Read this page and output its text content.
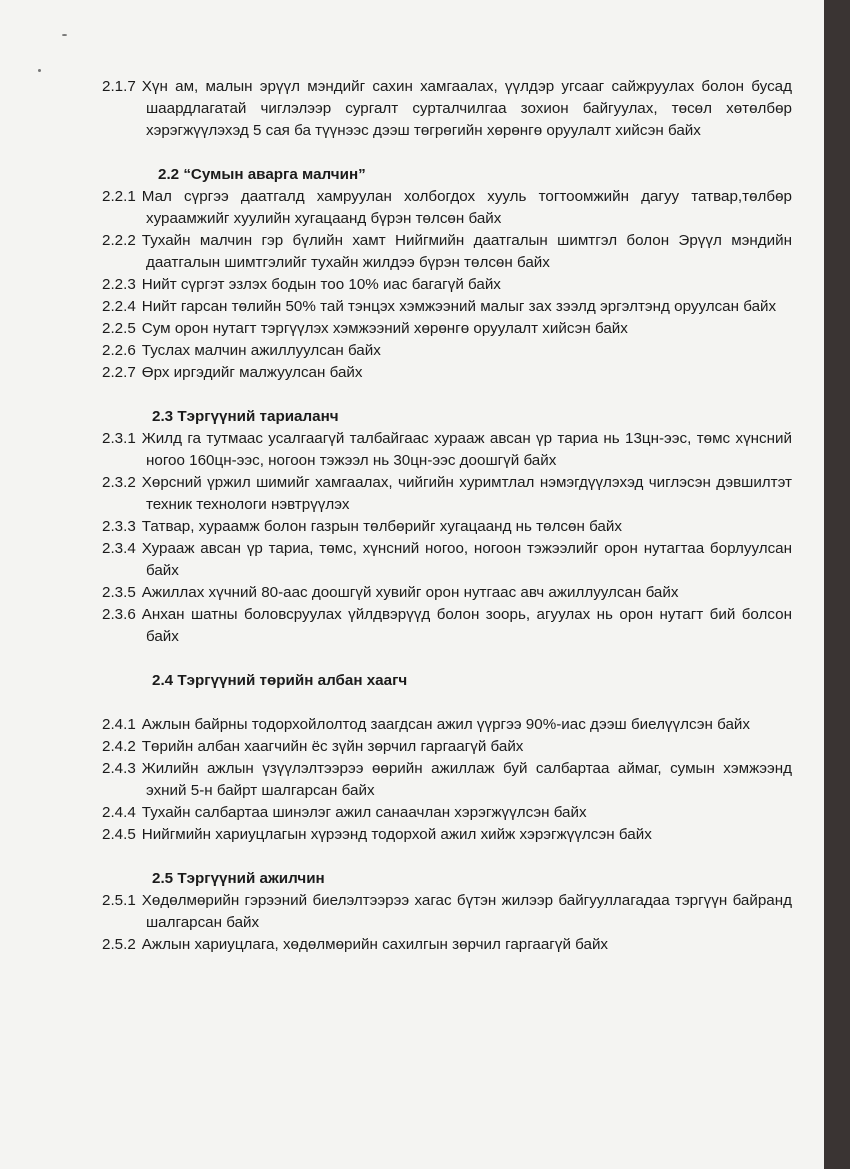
2.1.7 Хүн ам, малын эрүүл мэндийг сахин хамгаалах, үүлдэр угсааг сайжруулах болон бусад шаардлагатай чиглэлээр сургалт сурталчилгаа зохион байгуулах, төсөл хөтөлбөр хэрэгжүүлэхэд 5 сая ба түүнээс дээш төгрөгийн хөрөнгө оруулалт хийсэн байх
2.2 “Сумын аварга малчин”
2.2.1 Мал сүргээ даатгалд хамруулан холбогдох хууль тогтоомжийн дагуу татвар,төлбөр хураамжийг хуулийн хугацаанд бүрэн төлсөн байх
2.2.2 Тухайн малчин гэр бүлийн хамт Нийгмийн даатгалын шимтгэл болон Эрүүл мэндийн даатгалын шимтгэлийг тухайн жилдээ бүрэн төлсөн байх
2.2.3 Нийт сүргэт эзлэх бодын тоо 10% иас багагүй байх
2.2.4 Нийт гарсан төлийн 50% тай тэнцэх хэмжээний малыг зах зээлд эргэлтэнд оруулсан байх
2.2.5 Сум орон нутагт тэргүүлэх хэмжээний хөрөнгө оруулалт хийсэн байх
2.2.6 Туслах малчин ажиллуулсан байх
2.2.7 Өрх иргэдийг малжуулсан байх
2.3 Тэргүүний тариаланч
2.3.1 Жилд га тутмаас усалгаагүй талбайгаас хурааж авсан үр тариа нь 13цн-ээс, төмс хүнсний ногоо 160цн-ээс, ногоон тэжээл нь 30цн-ээс доошгүй байх
2.3.2 Хөрсний үржил шимийг хамгаалах, чийгийн хуримтлал нэмэгдүүлэхэд чиглэсэн дэвшилтэт техник технологи нэвтрүүлэх
2.3.3 Татвар, хураамж болон газрын төлбөрийг хугацаанд нь төлсөн байх
2.3.4 Хурааж авсан үр тариа, төмс, хүнсний ногоо, ногоон тэжээлийг орон нутагтаа борлуулсан байх
2.3.5 Ажиллах хүчний 80-аас доошгүй хувийг орон нутгаас авч ажиллуулсан байх
2.3.6 Анхан шатны боловсруулах үйлдвэрүүд болон зоорь, агуулах нь орон нутагт бий болсон байх
2.4 Тэргүүний төрийн албан хаагч
2.4.1 Ажлын байрны тодорхойлолтод заагдсан ажил үүргээ 90%-иас дээш биелүүлсэн байх
2.4.2 Төрийн албан хаагчийн ёс зүйн зөрчил гаргаагүй байх
2.4.3 Жилийн ажлын үзүүлэлтээрээ өөрийн ажиллаж буй салбартаа аймаг, сумын хэмжээнд эхний 5-н байрт шалгарсан байх
2.4.4 Тухайн салбартаа шинэлэг ажил санаачлан хэрэгжүүлсэн байх
2.4.5 Нийгмийн хариуцлагын хүрээнд тодорхой ажил хийж хэрэгжүүлсэн байх
2.5 Тэргүүний ажилчин
2.5.1 Хөдөлмөрийн гэрээний биелэлтээрээ хагас бүтэн жилээр байгууллагадаа тэргүүн байранд шалгарсан байх
2.5.2 Ажлын хариуцлага, хөдөлмөрийн сахилгын зөрчил гаргаагүй байх
